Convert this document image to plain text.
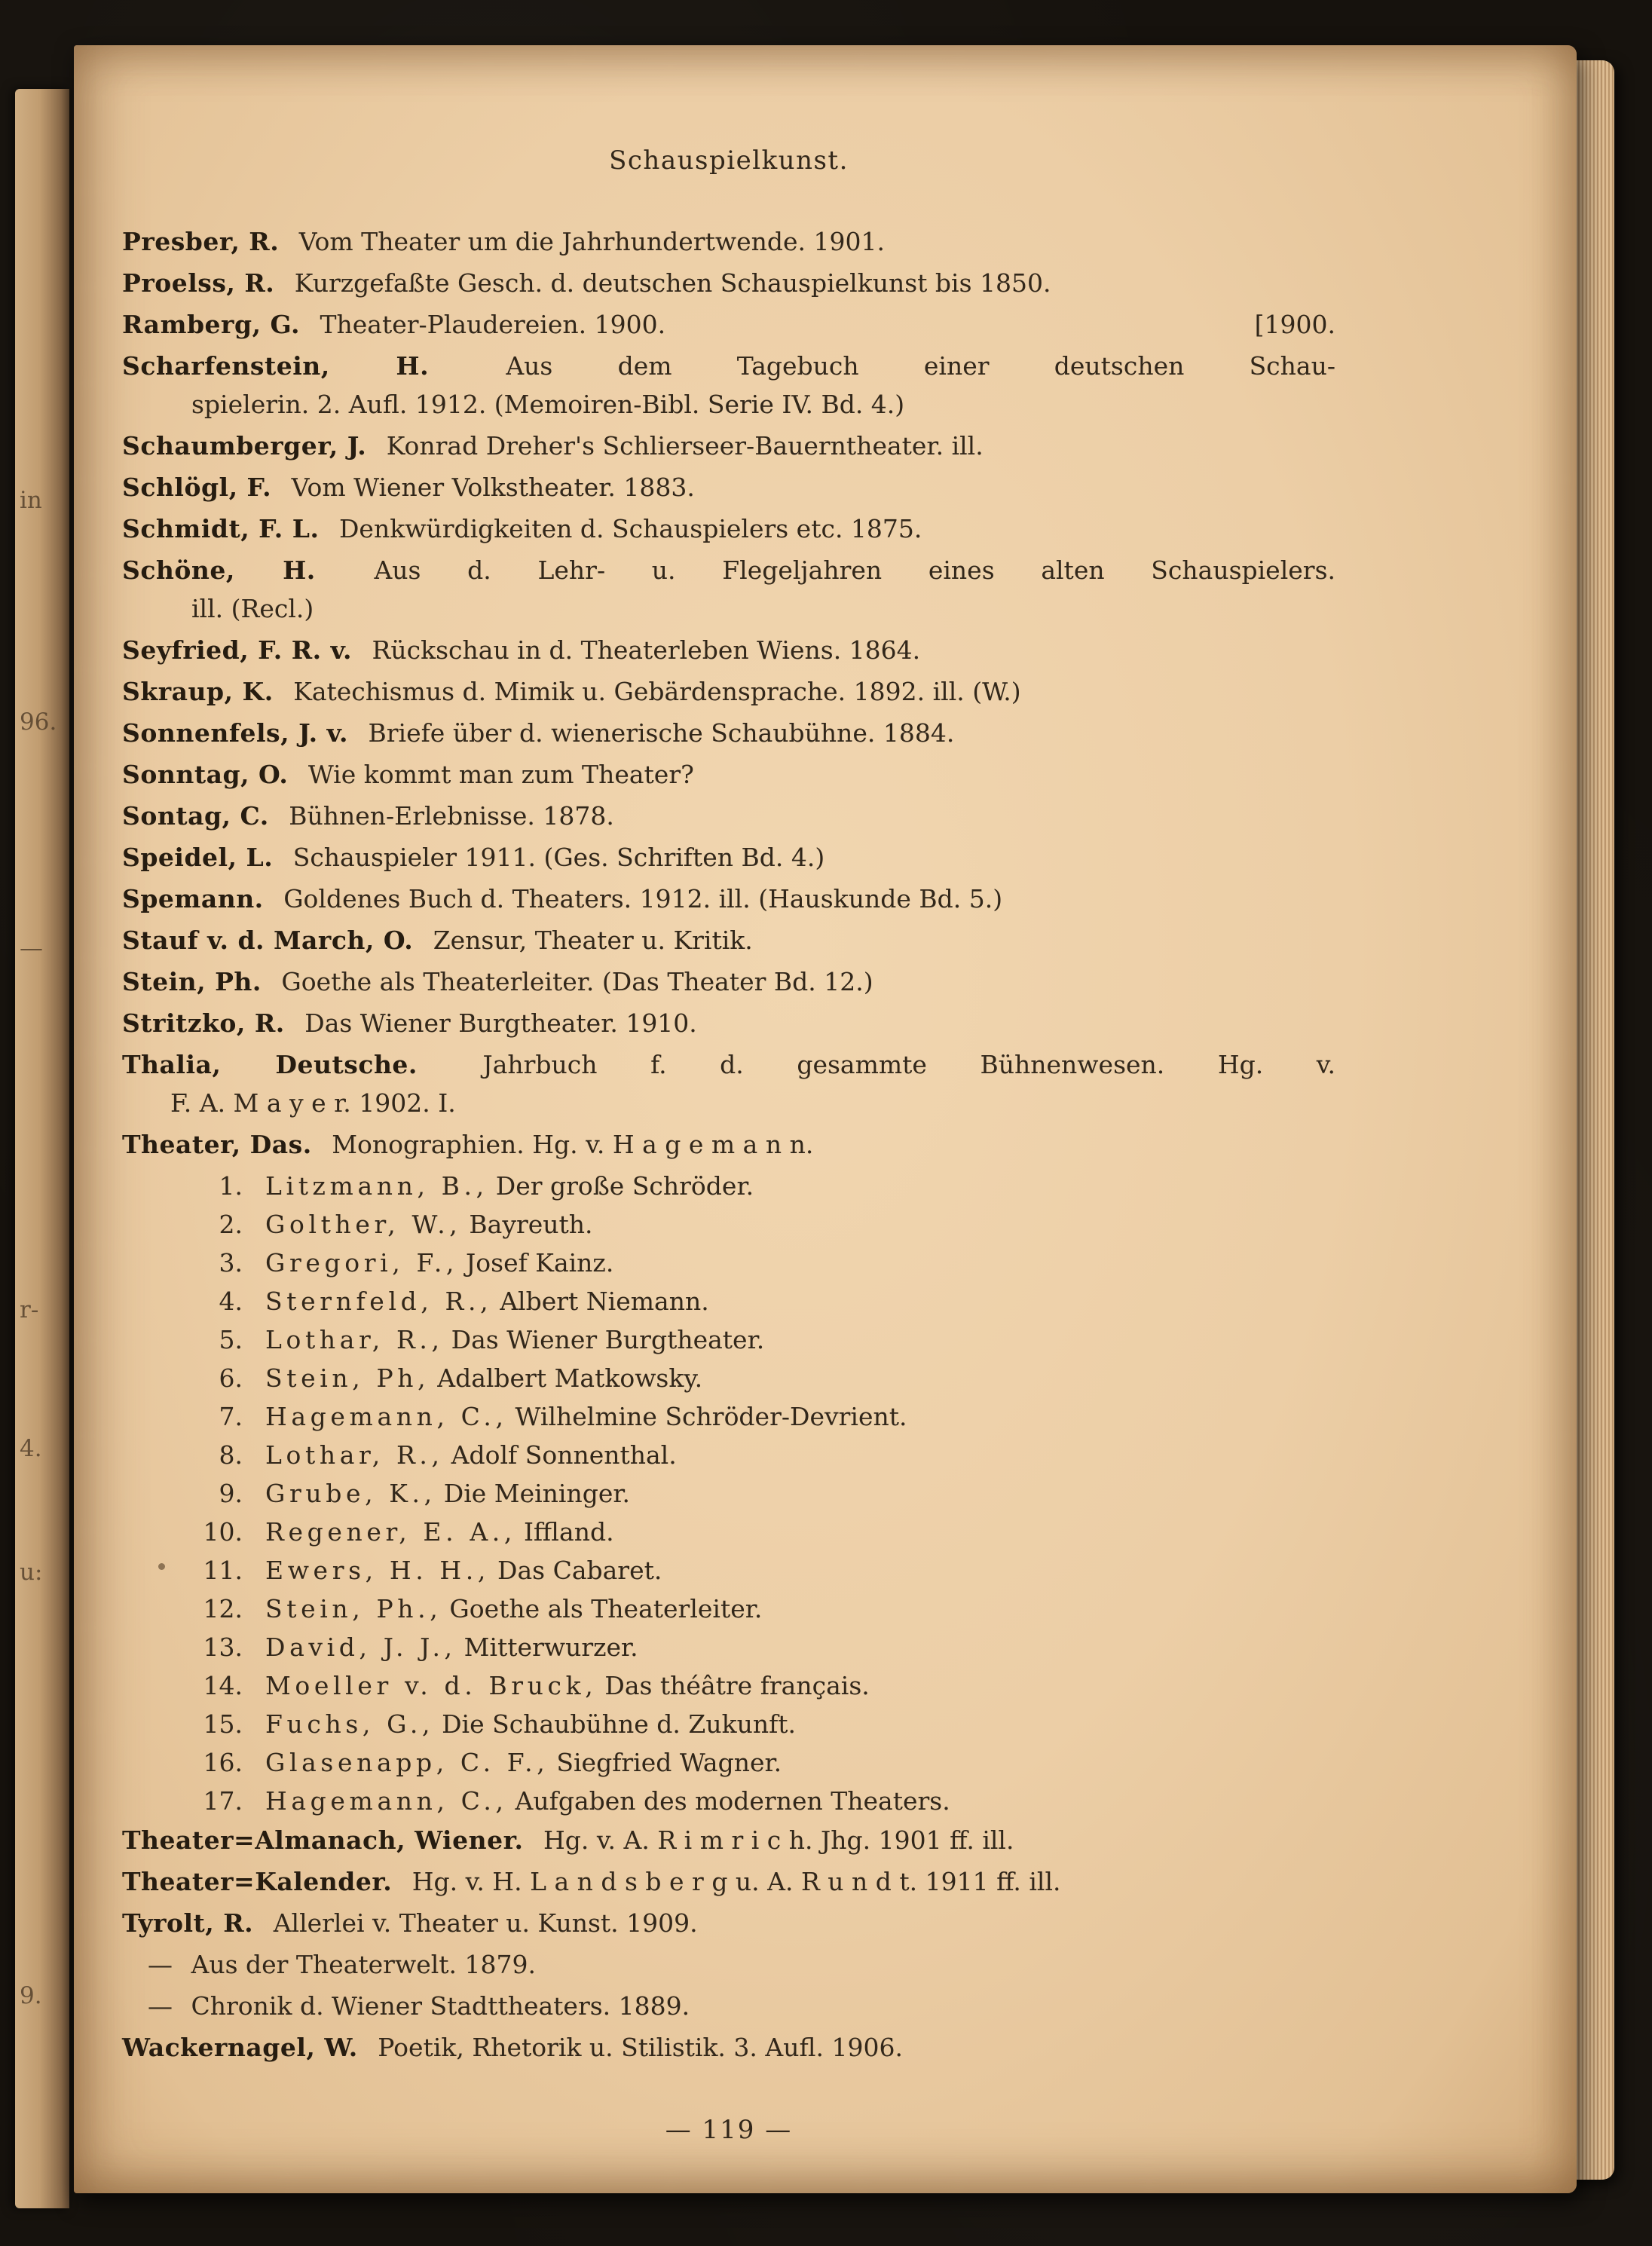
in
96.
—
r-
4.
u:
9.
Schauspielkunst.
Presber, R. Vom Theater um die Jahrhundertwende. 1901.
Proelss, R. Kurzgefaßte Gesch. d. deutschen Schauspielkunst bis 1850.
[1900.
Ramberg, G. Theater-Plaudereien. 1900.
Scharfenstein, H.	Aus dem Tagebuch einer deutschen Schau-
spielerin. 2. Aufl. 1912. (Memoiren-Bibl. Serie IV. Bd. 4.)
Schaumberger, J. Konrad Dreher's Schlierseer-Bauerntheater. ill.
Schlögl, F. Vom Wiener Volkstheater. 1883.
Schmidt, F. L. Denkwürdigkeiten d. Schauspielers etc. 1875.
Schöne, H. Aus d. Lehr- u. Flegeljahren eines alten Schauspielers.
ill. (Recl.)
Seyfried, F. R. v. Rückschau in d. Theaterleben Wiens. 1864.
Skraup, K. Katechismus d. Mimik u. Gebärdensprache. 1892. ill. (W.)
Sonnenfels, J. v. Briefe über d. wienerische Schaubühne. 1884.
Sonntag, O. Wie kommt man zum Theater?
Sontag, C. Bühnen-Erlebnisse. 1878.
Speidel, L. Schauspieler 1911. (Ges. Schriften Bd. 4.)
Spemann. Goldenes Buch d. Theaters. 1912. ill. (Hauskunde Bd. 5.)
Stauf v. d. March, O. Zensur, Theater u. Kritik.
Stein, Ph. Goethe als Theaterleiter. (Das Theater Bd. 12.)
Stritzko, R. Das Wiener Burgtheater. 1910.
Thalia, Deutsche.	Jahrbuch f. d. gesammte Bühnenwesen. Hg. v.
F. A. M a y e r. 1902. I.
Theater, Das. Monographien. Hg. v. H a g e m a n n.
1. Litzmann, B., Der große Schröder.
2. Golther, W., Bayreuth.
3. Gregori, F., Josef Kainz.
4. Sternfeld, R., Albert Niemann.
5. Lothar, R., Das Wiener Burgtheater.
6. Stein, Ph, Adalbert Matkowsky.
7. Hagemann, C., Wilhelmine Schröder-Devrient.
8. Lothar, R., Adolf Sonnenthal.
9. Grube, K., Die Meininger.
10. Regener, E. A., Iffland.
11. Ewers, H. H., Das Cabaret.
12. Stein, Ph., Goethe als Theaterleiter.
13. David, J. J., Mitterwurzer.
14. Moeller v. d. Bruck, Das théâtre français.
15. Fuchs, G., Die Schaubühne d. Zukunft.
16. Glasenapp, C. F., Siegfried Wagner.
17. Hagemann, C., Aufgaben des modernen Theaters.
Theater=Almanach, Wiener. Hg. v. A. R i m r i c h. Jhg. 1901 ff. ill.
Theater=Kalender. Hg. v. H. L a n d s b e r g u. A. R u n d t. 1911 ff. ill.
Tyrolt, R. Allerlei v. Theater u. Kunst. 1909.
— Aus der Theaterwelt. 1879.
— Chronik d. Wiener Stadttheaters. 1889.
Wackernagel, W. Poetik, Rhetorik u. Stilistik. 3. Aufl. 1906.
— 119 —
